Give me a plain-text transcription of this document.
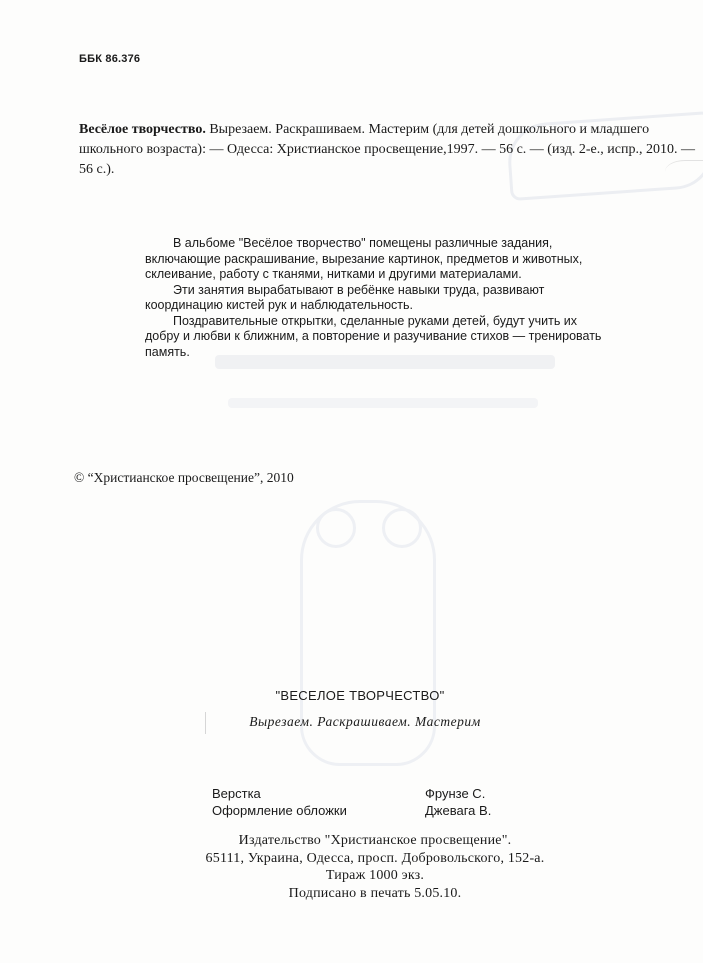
ББК 86.376
Весёлое творчество. Вырезаем. Раскрашиваем. Мастерим (для детей дошкольного и младшего
школьного возраста): — Одесса: Христианское просвещение,1997. — 56 с. — (изд. 2-е., испр., 2010. — 56 с.).

В альбоме "Весёлое творчество" помещены различные задания, включающие раскрашивание, вырезание картинок, предметов и животных, склеивание, работу с тканями, нитками и другими материалами.

Эти занятия вырабатывают в ребёнке навыки труда, развивают координацию кистей рук и наблюдательность.

Поздравительные открытки, сделанные руками детей, будут учить их добру и любви к ближним, а повторение и разучивание стихов — тренировать память.

© “Христианское просвещение”, 2010
"ВЕСЕЛОЕ ТВОРЧЕСТВО"
Вырезаем. Раскрашиваем. Мастерим
Верстка	Фрунзе С.
Оформление обложки	Джевага В.
Издательство "Христианское просвещение".
65111, Украина, Одесса, просп. Добровольского, 152-а.
Тираж 1000 экз.
Подписано в печать 5.05.10.
